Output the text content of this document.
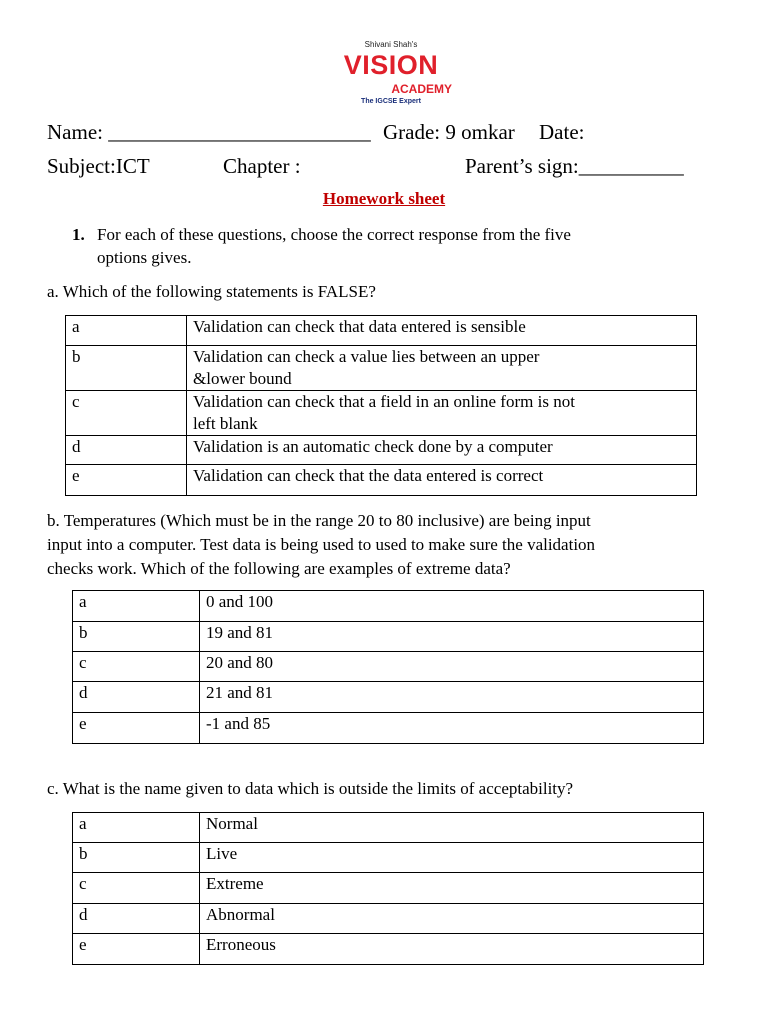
Shivani Shah's
VISION
ACADEMY
The IGCSE Expert
Name: _________________________ Grade: 9 omkar Date:
Subject:ICT	Chapter :	Parent’s sign:__________
Homework sheet
1. For each of these questions, choose the correct response from the five
options gives.
a. Which of the following statements is FALSE?
a	Validation can check that data entered is sensible
b	Validation can check a value lies between an upper
&lower bound
c	Validation can check that a field in an online form is not
left blank
d	Validation is an automatic check done by a computer
e	Validation can check that the data entered is correct
b. Temperatures (Which must be in the range 20 to 80 inclusive) are being input
input into a computer. Test data is being used to used to make sure the validation
checks work. Which of the following are examples of extreme data?
a	0 and 100
b	19 and 81
c	20 and 80
d	21 and 81
e	-1 and 85
c. What is the name given to data which is outside the limits of acceptability?
a	Normal
b	Live
c	Extreme
d	Abnormal
e	Erroneous
